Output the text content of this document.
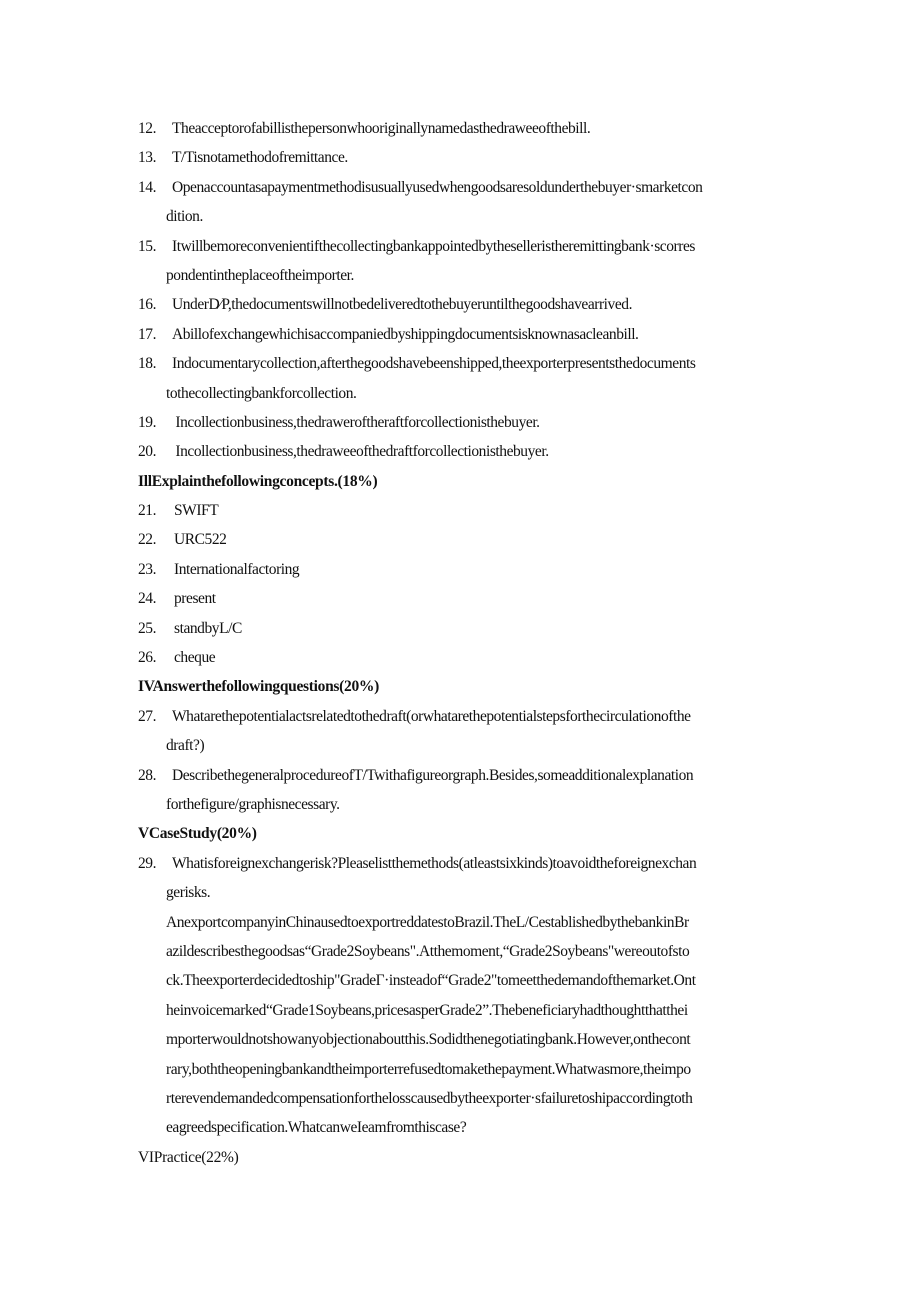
12. Theacceptorofabillisthepersonwhooriginallynamedasthedraweeofthebill.
13. T/Tisnotamethodofremittance.
14. Openaccountasapaymentmethodisusuallyusedwhengoodsaresoldunderthebuyer·smarketcon
dition.
15. Itwillbemoreconvenientifthecollectingbankappointedbytheselleristheremittingbank·scorres
pondentintheplaceoftheimporter.
16. UnderD⁄P,thedocumentswillnotbedeliveredtothebuyeruntilthegoodshavearrived.
17. Abillofexchangewhichisaccompaniedbyshippingdocumentsisknownasacleanbill.
18. Indocumentarycollection,afterthegoodshavebeenshipped,theexporterpresentsthedocuments
tothecollectingbankforcollection.
19. Incollectionbusiness,thedraweroftheraftforcollectionisthebuyer.
20. Incollectionbusiness,thedraweeofthedraftforcollectionisthebuyer.
IllExplainthefollowingconcepts.(18%)
21. SWIFT
22. URC522
23. Internationalfactoring
24. present
25. standbyL/C
26. cheque
IVAnswerthefollowingquestions(20%)
27. Whatarethepotentialactsrelatedtothedraft(orwhatarethepotentialstepsforthecirculationofthe
draft?)
28. DescribethegeneralprocedureofT/Twithafigureorgraph.Besides,someadditionalexplanation
forthefigure/graphisnecessary.
VCaseStudy(20%)
29. Whatisforeignexchangerisk?Pleaselistthemethods(atleastsixkinds)toavoidtheforeignexchan
gerisks.
AnexportcompanyinChinausedtoexportreddatestoBrazil.TheL/CestablishedbythebankinBr
azildescribesthegoodsas“Grade2Soybeans".Atthemoment,“Grade2Soybeans"wereoutofsto
ck.Theexporterdecidedtoship"GradeΓ·insteadof“Grade2"tomeetthedemandofthemarket.Ont
heinvoicemarked“Grade1Soybeans,pricesasperGrade2”.Thebeneficiaryhadthoughtthatthei
mporterwouldnotshowanyobjectionaboutthis.Sodidthenegotiatingbank.However,onthecont
rary,boththeopeningbankandtheimporterrefusedtomakethepayment.Whatwasmore,theimpo
rterevendemandedcompensationforthelosscausedbytheexporter·sfailuretoshipaccordingtoth
eagreedspecification.WhatcanweIeamfromthiscase?
VIPractice(22%)
